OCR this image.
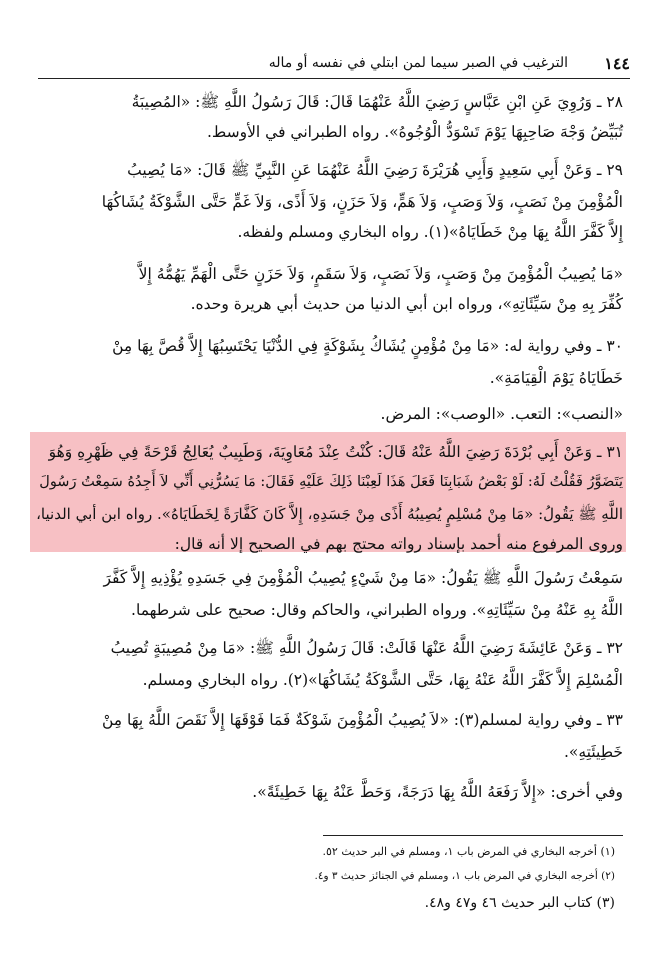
١٤٤
الترغيب في الصبر سيما لمن ابتلي في نفسه أو ماله
٢٨ ـ وَرُوِيَ عَنِ ابْنِ عَبَّاسٍ رَضِيَ اللَّهُ عَنْهُمَا قَالَ: قَالَ رَسُولُ اللَّهِ ﷺ: «المُصِيبَةُ
تُبَيِّضُ وَجْهَ صَاحِبِهَا يَوْمَ تَسْوَدُّ الْوُجُوهُ». رواه الطبراني في الأوسط.
٢٩ ـ وَعَنْ أَبِي سَعِيدٍ وَأَبِي هُرَيْرَةَ رَضِيَ اللَّهُ عَنْهُمَا عَنِ النَّبِيِّ ﷺ قَالَ: «مَا يُصِيبُ
الْمُؤْمِنَ مِنْ نَصَبٍ، وَلاَ وَصَبٍ، وَلاَ هَمٍّ، وَلاَ حَزَنٍ، وَلاَ أَذًى، وَلاَ غَمٍّ حَتَّى الشَّوْكَةُ يُشَاكُهَا
إِلاَّ كَفَّرَ اللَّهُ بِهَا مِنْ خَطَايَاهُ»(١). رواه البخاري ومسلم ولفظه.
«مَا يُصِيبُ الْمُؤْمِنَ مِنْ وَصَبٍ، وَلاَ نَصَبٍ، وَلاَ سَقَمٍ، وَلاَ حَزَنٍ حَتَّى الْهَمِّ يَهُمُّهُ إِلاَّ
كُفِّرَ بِهِ مِنْ سَيِّئَاتِهِ»، ورواه ابن أبي الدنيا من حديث أبي هريرة وحده.
٣٠ ـ وفي رواية له: «مَا مِنْ مُؤْمِنٍ يُشَاكُ بِشَوْكَةٍ فِي الدُّنْيَا يَحْتَسِبُهَا إِلاَّ قُصَّ بِهَا مِنْ
خَطَايَاهُ يَوْمَ الْقِيَامَةِ».
«النصب»: التعب. «الوصب»: المرض.
٣١ ـ وَعَنْ أَبِي بُرْدَةَ رَضِيَ اللَّهُ عَنْهُ قَالَ: كُنْتُ عِنْدَ مُعَاوِيَةَ، وَطَبِيبٌ يُعَالِجُ قَرْحَةً فِي ظَهْرِهِ وَهُوَ
يَتَضَوَّرُ فَقُلْتُ لَهُ: لَوْ بَعْضُ شَبَابِنَا فَعَلَ هَذَا لَعِبْنَا ذَلِكَ عَلَيْهِ فَقَالَ: مَا يَسُرُّنِي أَنِّي لاَ أَجِدُهُ سَمِعْتُ رَسُولَ
اللَّهِ ﷺ يَقُولُ: «مَا مِنْ مُسْلِمٍ يُصِيبُهُ أَذًى مِنْ جَسَدِهِ، إِلاَّ كَانَ كَفَّارَةً لِخَطَايَاهُ». رواه ابن أبي الدنيا،
وروى المرفوع منه أحمد بإسناد رواته محتج بهم في الصحيح إلا أنه قال:
سَمِعْتُ رَسُولَ اللَّهِ ﷺ يَقُولُ: «مَا مِنْ شَيْءٍ يُصِيبُ الْمُؤْمِنَ فِي جَسَدِهِ يُؤْذِيهِ إِلاَّ كَفَّرَ
اللَّهُ بِهِ عَنْهُ مِنْ سَيِّئَاتِهِ». ورواه الطبراني، والحاكم وقال: صحيح على شرطهما.
٣٢ ـ وَعَنْ عَائِشَةَ رَضِيَ اللَّهُ عَنْهَا قَالَتْ: قَالَ رَسُولُ اللَّهِ ﷺ: «مَا مِنْ مُصِيبَةٍ تُصِيبُ
الْمُسْلِمَ إِلاَّ كَفَّرَ اللَّهُ عَنْهُ بِهَا، حَتَّى الشَّوْكَةُ يُشَاكُهَا»(٢). رواه البخاري ومسلم.
٣٣ ـ وفي رواية لمسلم(٣): «لاَ يُصِيبُ الْمُؤْمِنَ شَوْكَةٌ فَمَا فَوْقَهَا إِلاَّ نَقَصَ اللَّهُ بِهَا مِنْ
خَطِيئَتِهِ».
وفي أخرى: «إِلاَّ رَفَعَهُ اللَّهُ بِهَا دَرَجَةً، وَحَطَّ عَنْهُ بِهَا خَطِيئَةً».
(١) أخرجه البخاري في المرض باب ١، ومسلم في البر حديث ٥٢.
(٢) أخرجه البخاري في المرض باب ١، ومسلم في الجنائز حديث ٣ و٤.
(٣) كتاب البر حديث ٤٦ و٤٧ و٤٨.
